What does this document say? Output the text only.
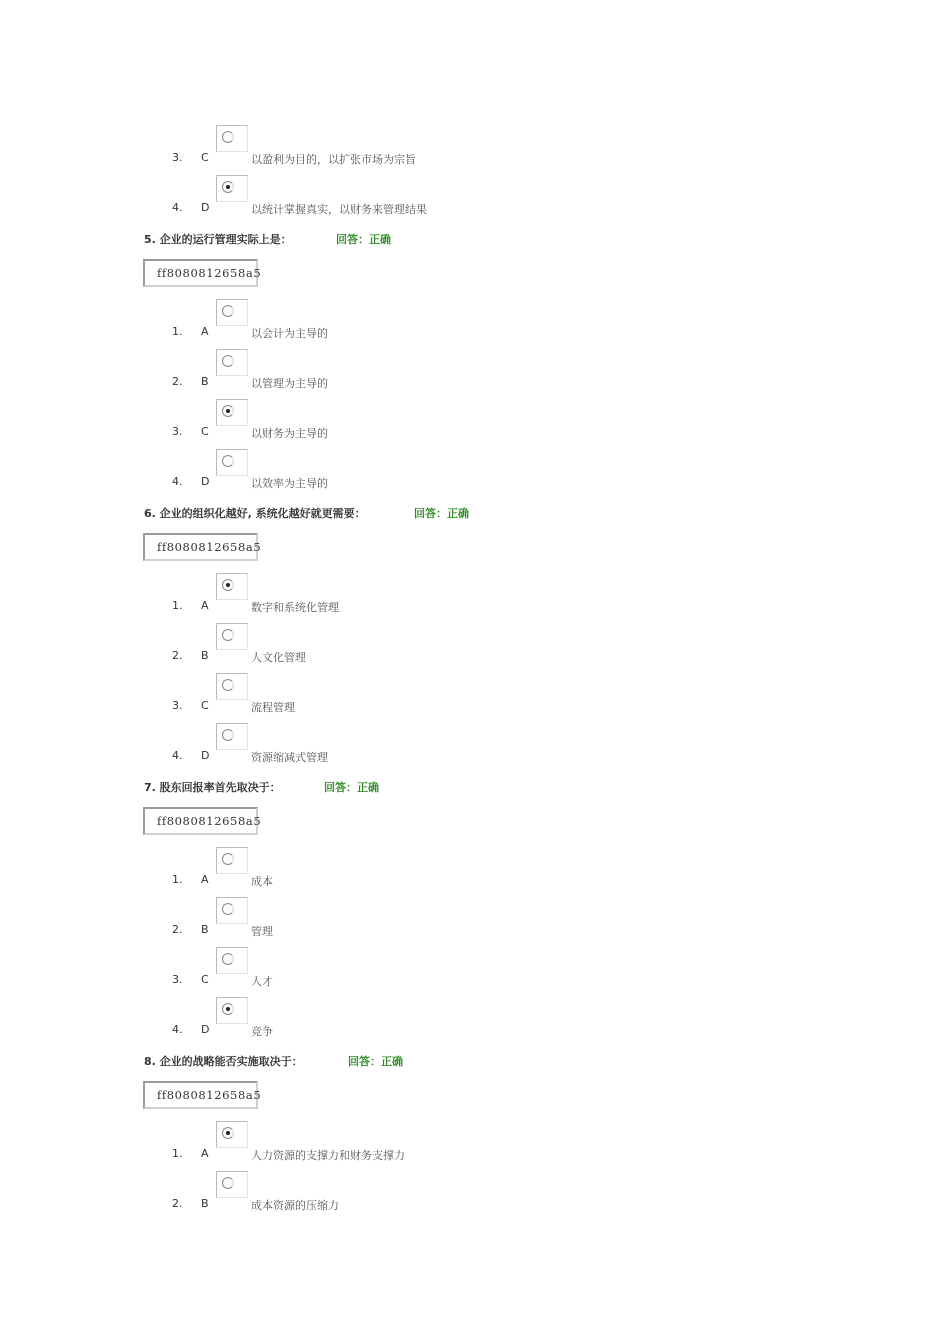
3. C	以盈利为目的，以扩张市场为宗旨
4. D	以统计掌握真实，以财务来管理结果
5. 企业的运行管理实际上是：	回答：正确
ff8080812658a5
1. A	以会计为主导的
2. B	以管理为主导的
3. C	以财务为主导的
4. D	以效率为主导的
6. 企业的组织化越好, 系统化越好就更需要：	回答：正确
ff8080812658a5
1. A	数字和系统化管理
2. B	人文化管理
3. C	流程管理
4. D	资源缩减式管理
7. 股东回报率首先取决于：	回答：正确
ff8080812658a5
1. A	成本
2. B	管理
3. C	人才
4. D	竞争
8. 企业的战略能否实施取决于：	回答：正确
ff8080812658a5
1. A	人力资源的支撑力和财务支撑力
2. B	成本资源的压缩力
